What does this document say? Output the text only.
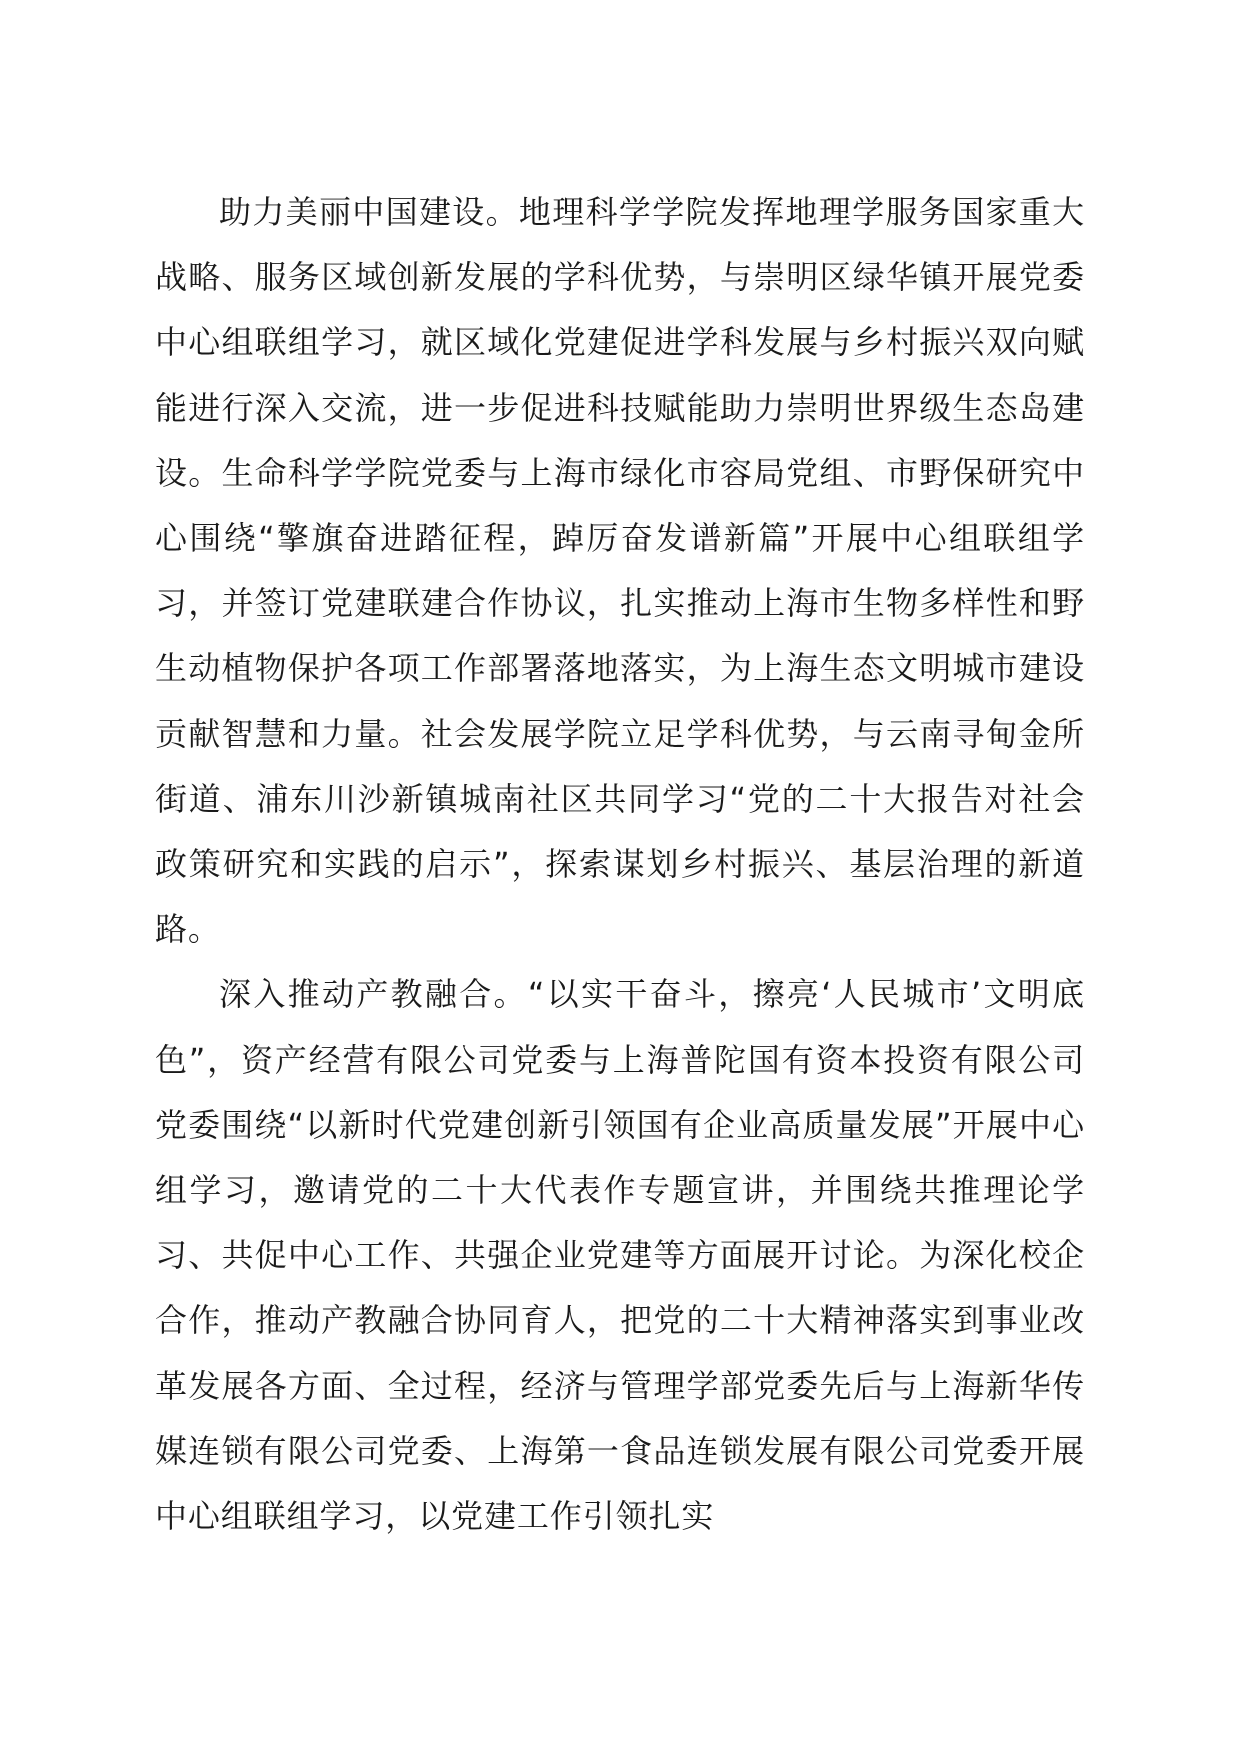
助力美丽中国建设。地理科学学院发挥地理学服务国家重大战略、服务区域创新发展的学科优势，与崇明区绿华镇开展党委中心组联组学习，就区域化党建促进学科发展与乡村振兴双向赋能进行深入交流，进一步促进科技赋能助力崇明世界级生态岛建设。生命科学学院党委与上海市绿化市容局党组、市野保研究中心围绕“擎旗奋进踏征程，踔厉奋发谱新篇”开展中心组联组学习，并签订党建联建合作协议，扎实推动上海市生物多样性和野生动植物保护各项工作部署落地落实，为上海生态文明城市建设贡献智慧和力量。社会发展学院立足学科优势，与云南寻甸金所街道、浦东川沙新镇城南社区共同学习“党的二十大报告对社会政策研究和实践的启示”，探索谋划乡村振兴、基层治理的新道路。

深入推动产教融合。“以实干奋斗，擦亮‘人民城市’文明底色”，资产经营有限公司党委与上海普陀国有资本投资有限公司党委围绕“以新时代党建创新引领国有企业高质量发展”开展中心组学习，邀请党的二十大代表作专题宣讲，并围绕共推理论学习、共促中心工作、共强企业党建等方面展开讨论。为深化校企合作，推动产教融合协同育人，把党的二十大精神落实到事业改革发展各方面、全过程，经济与管理学部党委先后与上海新华传媒连锁有限公司党委、上海第一食品连锁发展有限公司党委开展中心组联组学习，以党建工作引领扎实
